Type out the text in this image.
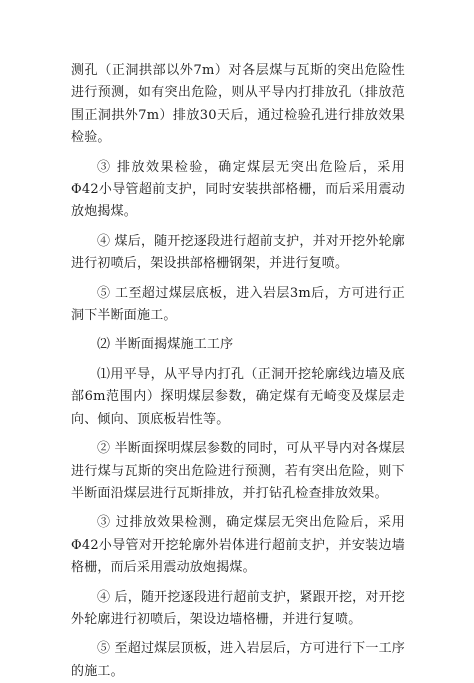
测孔（正洞拱部以外7m）对各层煤与瓦斯的突出危险性进行预测，如有突出危险，则从平导内打排放孔（排放范围正洞拱外7m）排放30天后，通过检验孔进行排放效果检验。

③ 排放效果检验，确定煤层无突出危险后，采用Φ42小导管超前支护，同时安装拱部格栅，而后采用震动放炮揭煤。

④ 煤后，随开挖逐段进行超前支护，并对开挖外轮廓进行初喷后，架设拱部格栅钢架，并进行复喷。

⑤ 工至超过煤层底板，进入岩层3m后，方可进行正洞下半断面施工。

⑵ 半断面揭煤施工工序

⑴用平导，从平导内打孔（正洞开挖轮廓线边墙及底部6m范围内）探明煤层参数，确定煤有无崎变及煤层走向、倾向、顶底板岩性等。

② 半断面探明煤层参数的同时，可从平导内对各煤层进行煤与瓦斯的突出危险进行预测，若有突出危险，则下半断面沿煤层进行瓦斯排放，并打钻孔检查排放效果。

③ 过排放效果检测，确定煤层无突出危险后，采用Φ42小导管对开挖轮廓外岩体进行超前支护，并安装边墙格栅，而后采用震动放炮揭煤。

④ 后，随开挖逐段进行超前支护，紧跟开挖，对开挖外轮廓进行初喷后，架设边墙格栅，并进行复喷。

⑤ 至超过煤层顶板，进入岩层后，方可进行下一工序的施工。
